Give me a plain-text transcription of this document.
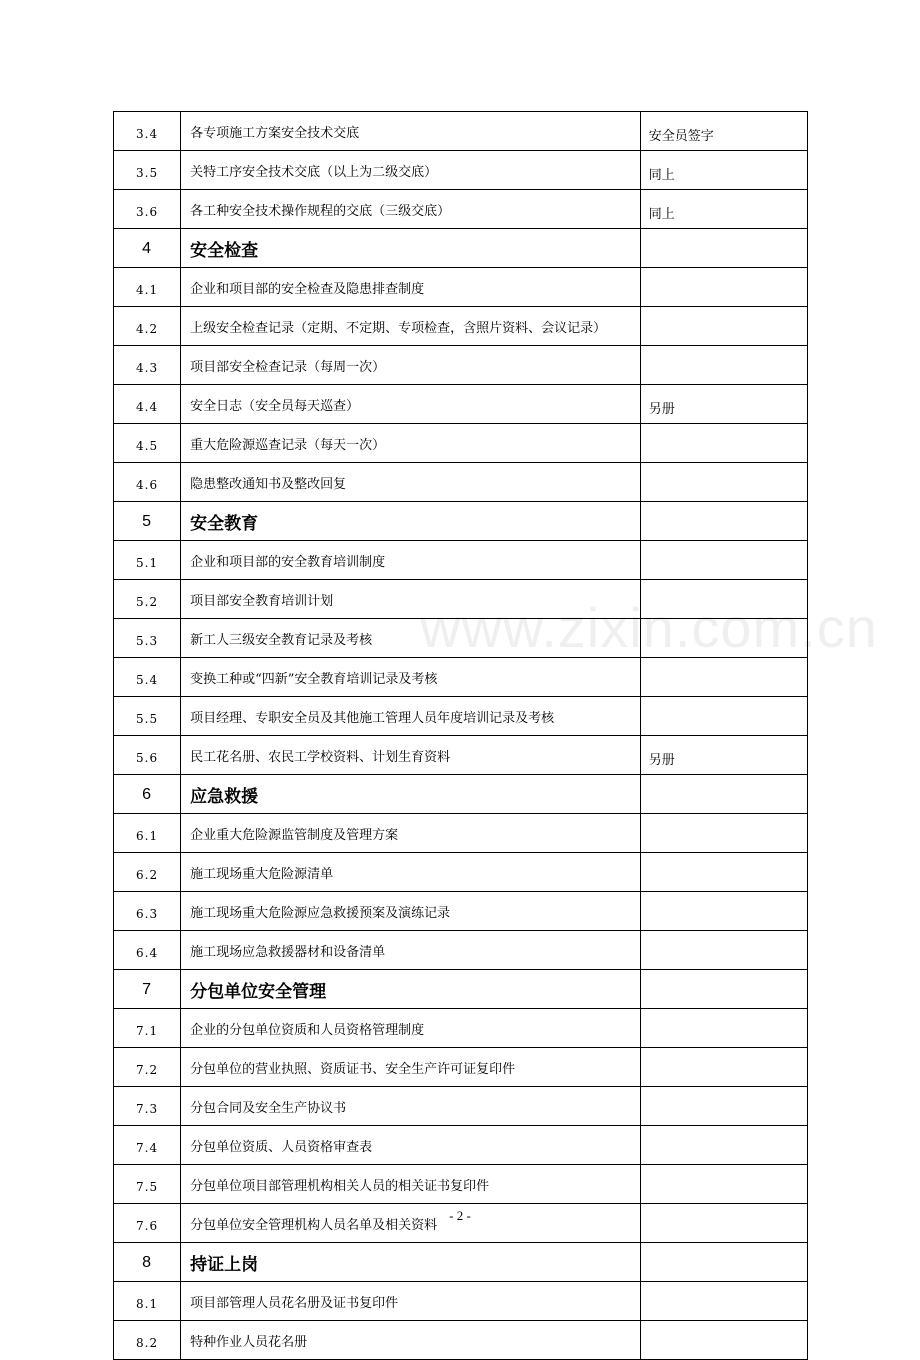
3.4	各专项施工方案安全技术交底	安全员签字
3.5	关特工序安全技术交底（以上为二级交底）	同上
3.6	各工种安全技术操作规程的交底（三级交底）	同上
4	安全检查	
4.1	企业和项目部的安全检查及隐患排查制度	
4.2	上级安全检查记录（定期、不定期、专项检查，含照片资料、会议记录）	
4.3	项目部安全检查记录（每周一次）	
4.4	安全日志（安全员每天巡查）	另册
4.5	重大危险源巡查记录（每天一次）	
4.6	隐患整改通知书及整改回复	
5	安全教育	
5.1	企业和项目部的安全教育培训制度	
5.2	项目部安全教育培训计划	
5.3	新工人三级安全教育记录及考核	
5.4	变换工种或“四新”安全教育培训记录及考核	
5.5	项目经理、专职安全员及其他施工管理人员年度培训记录及考核	
5.6	民工花名册、农民工学校资料、计划生育资料	另册
6	应急救援	
6.1	企业重大危险源监管制度及管理方案	
6.2	施工现场重大危险源清单	
6.3	施工现场重大危险源应急救援预案及演练记录	
6.4	施工现场应急救援器材和设备清单	
7	分包单位安全管理	
7.1	企业的分包单位资质和人员资格管理制度	
7.2	分包单位的营业执照、资质证书、安全生产许可证复印件	
7.3	分包合同及安全生产协议书	
7.4	分包单位资质、人员资格审查表	
7.5	分包单位项目部管理机构相关人员的相关证书复印件	
7.6	分包单位安全管理机构人员名单及相关资料	
8	持证上岗	
8.1	项目部管理人员花名册及证书复印件	
8.2	特种作业人员花名册	
www.zixin.com.cn
- 2 -
